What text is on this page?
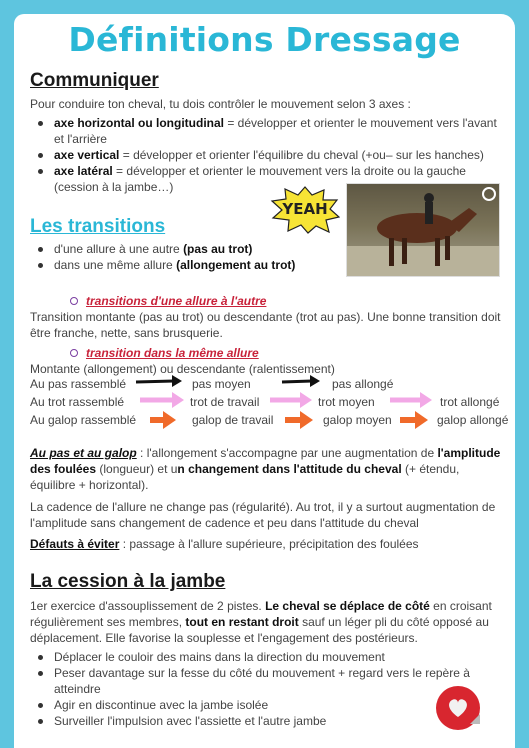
Définitions Dressage
Communiquer
Pour conduire ton cheval, tu dois contrôler le mouvement selon 3 axes :
axe horizontal ou longitudinal = développer et orienter le mouvement vers l'avant et l'arrière
axe vertical = développer et orienter l'équilibre du cheval (+ou– sur les hanches)
axe latéral = développer et orienter le mouvement vers la droite ou la gauche (cession à la jambe…)
YEAH
Les transitions
d'une allure à une autre (pas au trot)
dans une même allure (allongement au trot)
transitions d'une allure à l'autre
Transition montante (pas au trot) ou descendante (trot au pas). Une bonne transition doit être franche, nette, sans brusquerie.
transition dans la même allure
Montante (allongement) ou descendante (ralentissement)
Au pas rassemblé	pas moyen	pas allongé
Au trot rassemblé	trot de travail	trot moyen	trot allongé
Au galop rassemblé	galop de travail	galop moyen	galop allongé
Au pas et au galop : l'allongement s'accompagne par une augmentation de l'amplitude des foulées (longueur) et un changement dans l'attitude du cheval (+ étendu, équilibre + horizontal).
La cadence de l'allure ne change pas (régularité). Au trot, il y a surtout augmentation de l'amplitude sans changement de cadence et peu dans l'attitude du cheval
Défauts à éviter : passage à l'allure supérieure, précipitation des foulées
La cession à la jambe
1er exercice d'assouplissement de 2 pistes. Le cheval se déplace de côté en croisant régulièrement ses membres, tout en restant droit sauf un léger pli du côté opposé au déplacement. Elle favorise la souplesse et l'engagement des postérieurs.
Déplacer le couloir des mains dans la direction du mouvement
Peser davantage sur la fesse du côté du mouvement + regard vers le repère à atteindre
Agir en discontinue avec la jambe isolée
Surveiller l'impulsion avec l'assiette et l'autre jambe
